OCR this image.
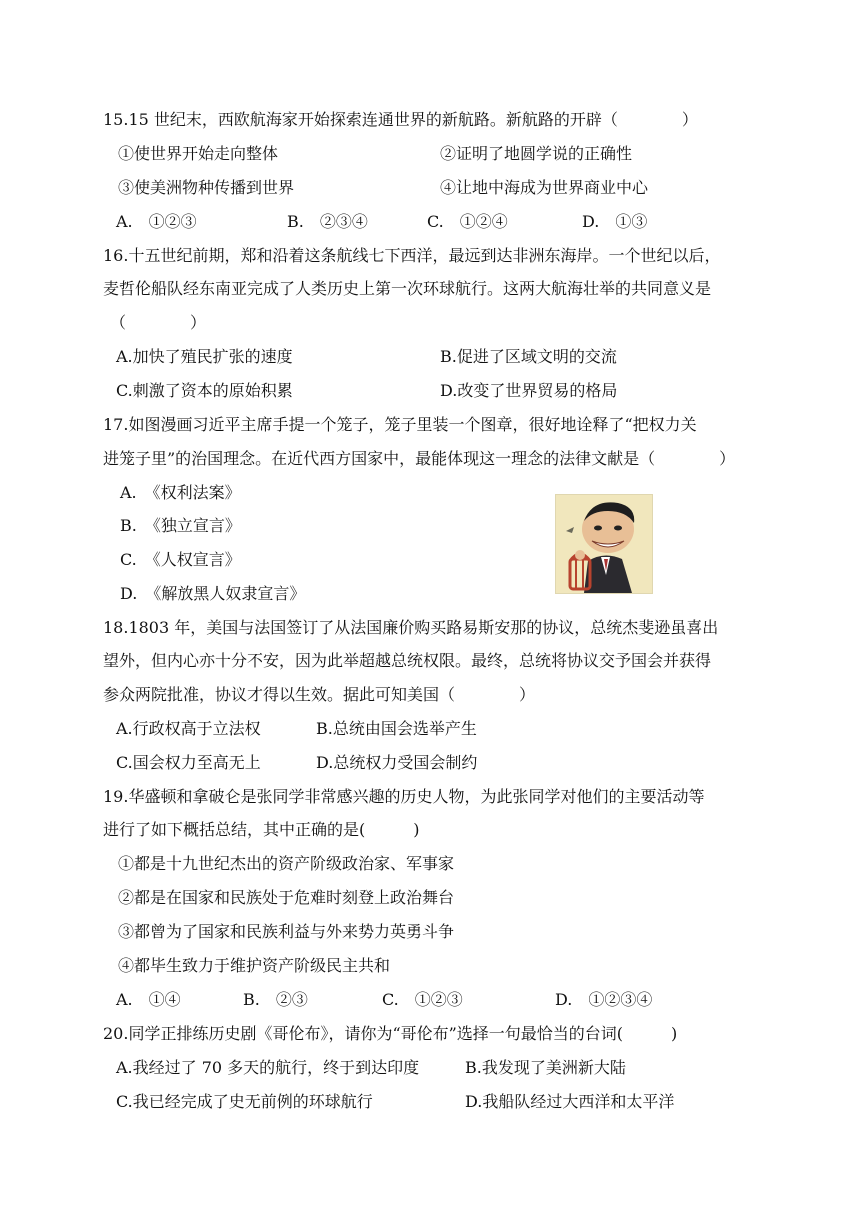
15.15 世纪末，西欧航海家开始探索连通世界的新航路。新航路的开辟（　　　　）
①使世界开始走向整体	②证明了地圆学说的正确性
③使美洲物种传播到世界	④让地中海成为世界商业中心
A.　①②③	B.　②③④	C.　①②④	D.　①③
16.十五世纪前期，郑和沿着这条航线七下西洋，最远到达非洲东海岸。一个世纪以后，
麦哲伦船队经东南亚完成了人类历史上第一次环球航行。这两大航海壮举的共同意义是
（　　　　）
A.加快了殖民扩张的速度	B.促进了区域文明的交流
C.刺激了资本的原始积累	D.改变了世界贸易的格局
17.如图漫画习近平主席手提一个笼子，笼子里装一个图章，很好地诠释了“把权力关
进笼子里”的治国理念。在近代西方国家中，最能体现这一理念的法律文献是（　　　　）
A.　《权利法案》
B.　《独立宣言》
C.　《人权宣言》
D.　《解放黑人奴隶宣言》
18.1803 年，美国与法国签订了从法国廉价购买路易斯安那的协议，总统杰斐逊虽喜出
望外，但内心亦十分不安，因为此举超越总统权限。最终，总统将协议交予国会并获得
参众两院批准，协议才得以生效。据此可知美国（　　　　）
A.行政权高于立法权	B.总统由国会选举产生
C.国会权力至高无上	D.总统权力受国会制约
19.华盛顿和拿破仑是张同学非常感兴趣的历史人物，为此张同学对他们的主要活动等
进行了如下概括总结，其中正确的是(　　　)
①都是十九世纪杰出的资产阶级政治家、军事家
②都是在国家和民族处于危难时刻登上政治舞台
③都曾为了国家和民族利益与外来势力英勇斗争
④都毕生致力于维护资产阶级民主共和
A.　①④	B.　②③	C.　①②③	D.　①②③④
20.同学正排练历史剧《哥伦布》，请你为“哥伦布”选择一句最恰当的台词(　　　)
A.我经过了 70 多天的航行，终于到达印度	B.我发现了美洲新大陆
C.我已经完成了史无前例的环球航行	D.我船队经过大西洋和太平洋
